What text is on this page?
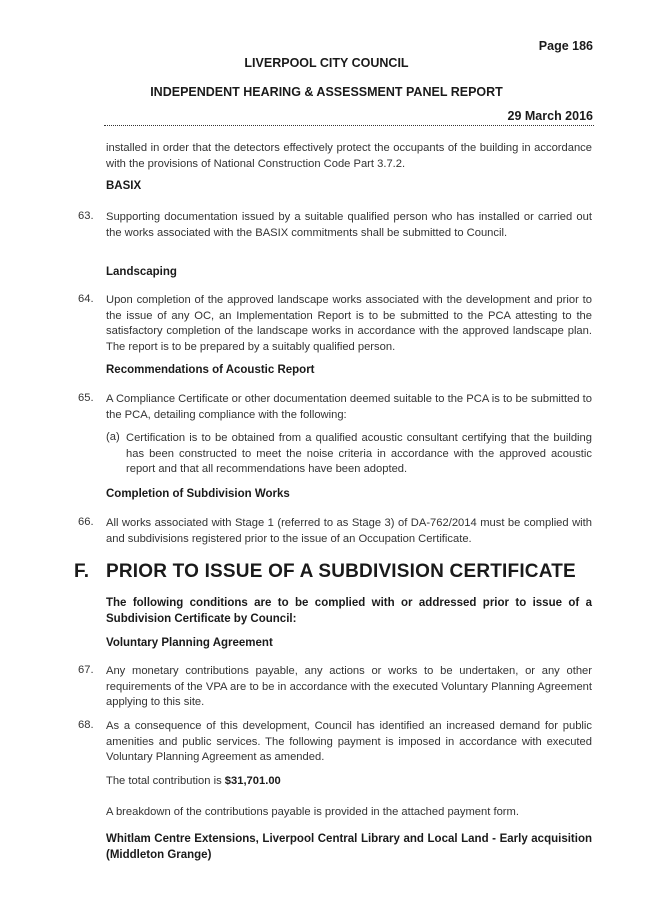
Page 186
LIVERPOOL CITY COUNCIL
INDEPENDENT HEARING & ASSESSMENT PANEL REPORT
29 March 2016
installed in order that the detectors effectively protect the occupants of the building in accordance with the provisions of National Construction Code Part 3.7.2.
BASIX
63. Supporting documentation issued by a suitable qualified person who has installed or carried out the works associated with the BASIX commitments shall be submitted to Council.
Landscaping
64. Upon completion of the approved landscape works associated with the development and prior to the issue of any OC, an Implementation Report is to be submitted to the PCA attesting to the satisfactory completion of the landscape works in accordance with the approved landscape plan. The report is to be prepared by a suitably qualified person.
Recommendations of Acoustic Report
65. A Compliance Certificate or other documentation deemed suitable to the PCA is to be submitted to the PCA, detailing compliance with the following:
(a) Certification is to be obtained from a qualified acoustic consultant certifying that the building has been constructed to meet the noise criteria in accordance with the approved acoustic report and that all recommendations have been adopted.
Completion of Subdivision Works
66. All works associated with Stage 1 (referred to as Stage 3) of DA-762/2014 must be complied with and subdivisions registered prior to the issue of an Occupation Certificate.
F. PRIOR TO ISSUE OF A SUBDIVISION CERTIFICATE
The following conditions are to be complied with or addressed prior to issue of a Subdivision Certificate by Council:
Voluntary Planning Agreement
67. Any monetary contributions payable, any actions or works to be undertaken, or any other requirements of the VPA are to be in accordance with the executed Voluntary Planning Agreement applying to this site.
68. As a consequence of this development, Council has identified an increased demand for public amenities and public services. The following payment is imposed in accordance with executed Voluntary Planning Agreement as amended.
The total contribution is $31,701.00
A breakdown of the contributions payable is provided in the attached payment form.
Whitlam Centre Extensions, Liverpool Central Library and Local Land - Early acquisition (Middleton Grange)
